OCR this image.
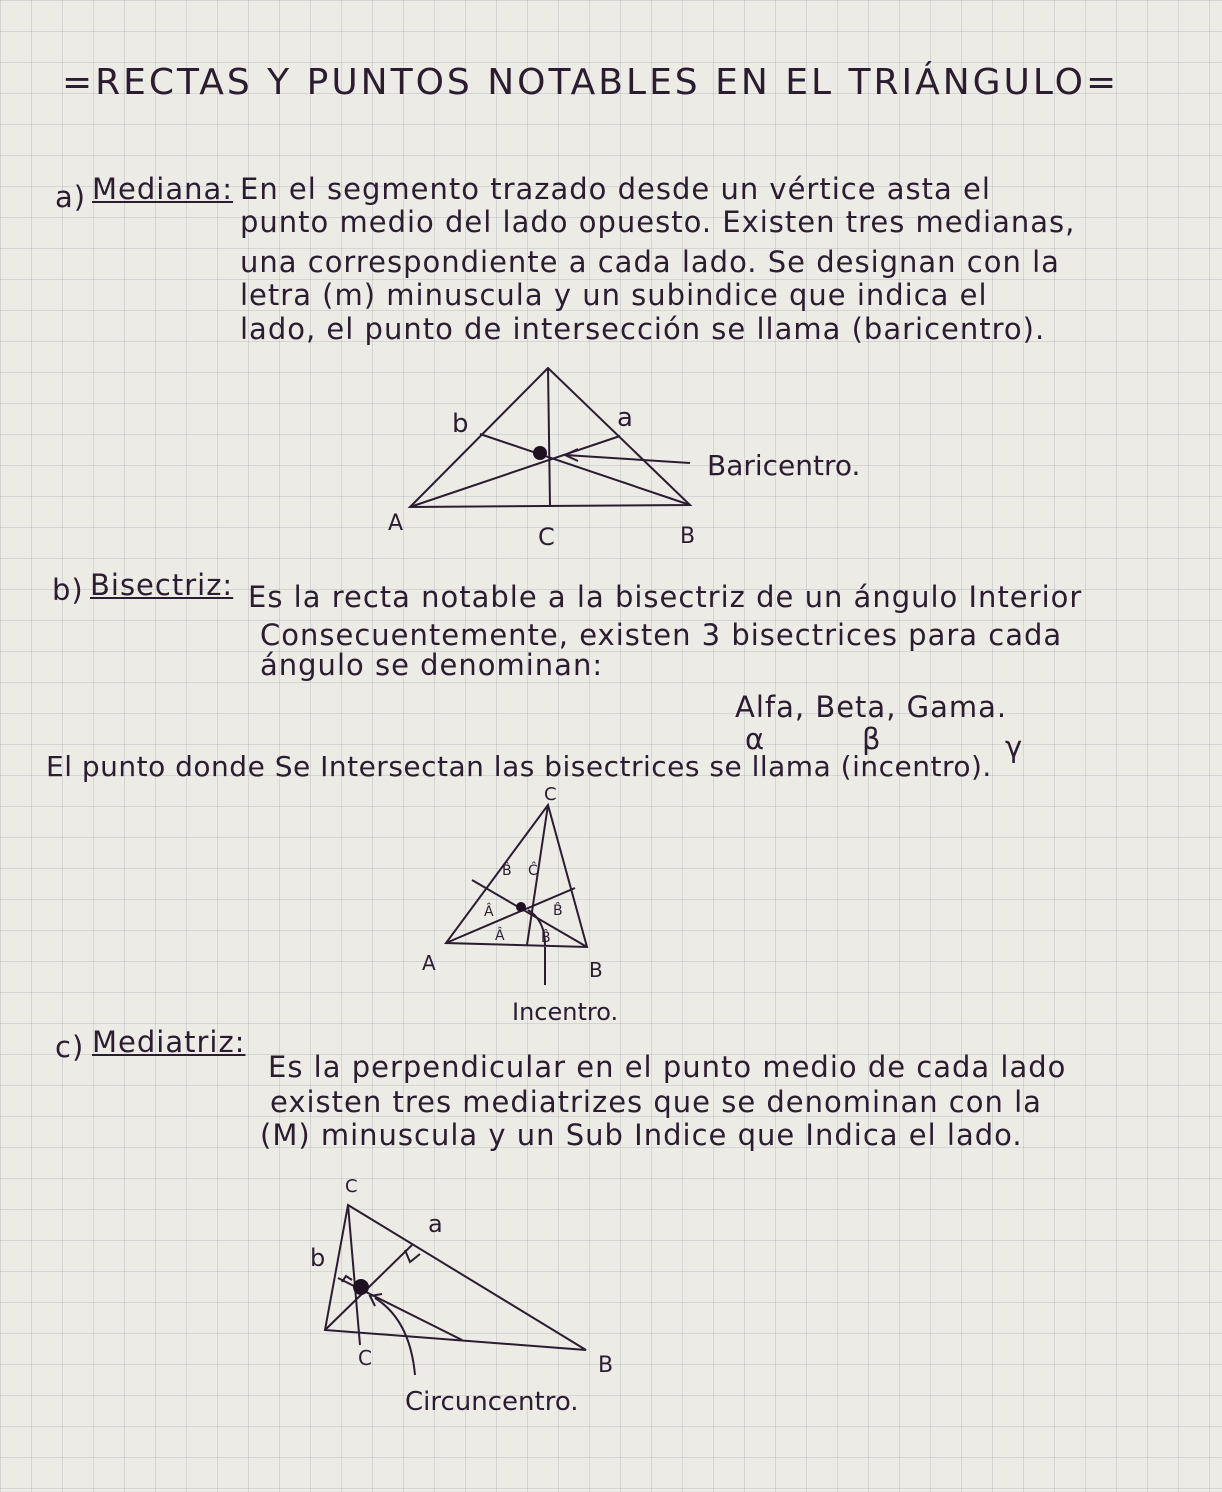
=RECTAS Y PUNTOS NOTABLES EN EL TRIÁNGULO=
a) Mediana: En el segmento trazado desde un vértice asta el
punto medio del lado opuesto. Existen tres medianas,
una correspondiente a cada lado. Se designan con la
letra (m) minuscula y un subindice que indica el
lado, el punto de intersección se llama (baricentro).
b	a
Baricentro.
A	C	B
C
B̂ Ĉ
Â	B̂
Â	B̂
A	B
Incentro.
C
a
b
C	B
Circuncentro.
b) Bisectriz: Es la recta notable a la bisectriz de un ángulo Interior
Consecuentemente, existen 3 bisectrices para cada
ángulo se denominan:
Alfa, Beta, Gama.
α	β	γ
El punto donde Se Intersectan las bisectrices se llama (incentro).
c) Mediatriz:
Es la perpendicular en el punto medio de cada lado
existen tres mediatrizes que se denominan con la
(M) minuscula y un Sub Indice que Indica el lado.
